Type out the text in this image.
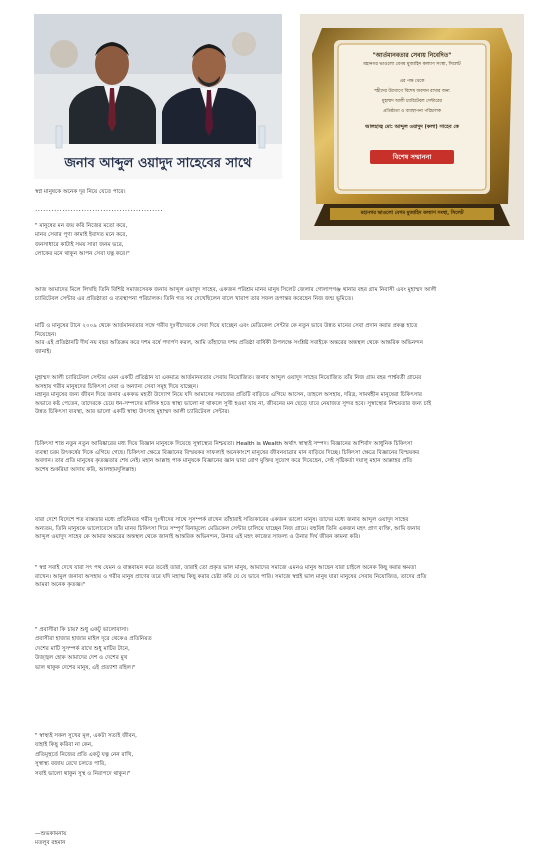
জনাব আব্দুল ওয়াদুদ সাহেবের সাথে
"আর্তমানবতার সেবায় নিবেদিত"
মহানগর ভাওলো বেগম মুজাহিদ কল্যাণ সংস্থা, সিলেট
এর পক্ষ থেকে
শহীদের উদ্যোগে বিশেষ অবদান রাখার জন্য
মুহাম্মদ আলী চ্যারিটেবল সেন্টারের
প্রতিষ্ঠাতা ও ব্যবস্থাপনা পরিচালক
আলহাজ্ব মো: আব্দুল ওয়াদুদ (কলা) সাহেব কে
বিশেষ সম্মাননা
মহানগর ভাওলো বেগম মুজাহিদ কল্যাণ সংস্থা, সিলেট
স্বপ্ন মানুষকে অনেক দূর নিয়ে যেতে পারে।
...............................................
" মানুষের মন জয় করি নিজের মতো করে,
মানব সেবার পুণ্য কামাই ইবাদত মনে করে,
জনসাধারে কাটাই সময় সারা জনম ভরে,
লোকের মনে থাকুন আপন সেবা যত্ন করে।"
আজ আমাদের মিলে লিখছি তিনি বিশিষ্ট সমাজসেবক জনাব আব্দুল ওয়াদুদ সাহেব, একজন পরিশ্রম মানব মানুষ সিলেট জেলার গোলাপগঞ্জ থানার বহর গ্রাম নিবাসী এবং মুহাম্মদ আলী
চ্যারিটেবল সেন্টার এর প্রতিষ্ঠাতা ও ব্যবস্থাপনা পরিচালক। তিনি গত সব দেখেছিলেন বালে খারাপ তার সফল রূপান্তর করেছেন নিজ জন্ম ভূমিতে।
মাটি ও মানুষের টানে ২০০৯ থেকে আর্তমানবতার সঙ্গে গরীব দুঃখীদেরকে সেবা দিয়ে যাচ্ছেন এবং মেডিকেল সেন্টার কে নতুন ভাবে উন্নত মানের সেবা প্রদান করার প্রকল্প হাতে
নিয়েছেন।
আর এই প্রতিষ্ঠানটি দীর্ঘ নয় বছর অতিক্রম করে দশম বর্ষে পদার্পণ করল, আমি তাঁহাদের দশম প্রতিষ্ঠা বার্ষিকী উপলক্ষে সংশ্লিষ্ট সবাইকে অন্তরের অন্তস্থল থেকে আন্তরিক অভিনন্দন
জানাই।
মুহাম্মদ আলী চ্যারিটেবল সেন্টার এমন একটি প্রতিষ্ঠান যা একমাত্র আর্তমানবতার সেবায় নিয়োজিত। জনাব আব্দুল ওয়াদুদ সাহেব নিয়োজিত তাঁর নিজ গ্রাম বহর পার্শ্ববর্তী গ্রামের
অসহায় গরীব মানুষদের চিকিৎসা সেবা ও অন্যান্য সেবা সমূহ দিয়ে যাচ্ছেন।
মহানুর মানুষের জন্য জীবন দিয়ে জনাব এককভ মহতী উদ্যোগ নিয়ে যদি আমাদের সমাজের প্রতিটি বাড়িতে এগিয়ে আসেন, তাহলে অসহায়, দরিদ্র, সামর্থহীন মানুষেরা চিকিৎসার
অভাবে কষ্ট পেতেন, তাদেরকে চেয়ে ধন-সম্পদের মালিক হতে স্বাস্থ্য ভালো না থাকলে সুখী হওয়া যায় না, জীবনের মন ছেড়ে যাবে নেয়াজত সুন্দর হবে। সুস্বাস্থ্যের নিশ্চয়তার জন্য চাই
উন্নত চিকিৎসা ব্যবস্থা, আর ভালো একটি স্বাস্থ্য উৎসাহ মুহাম্মদ আলী চ্যারিটেবল সেন্টার।
চিকিৎসা শাস্ত্র নতুন নতুন আবিষ্কারের মধ্য দিয়ে বিজ্ঞান মানুষকে দিয়েছে সুস্বাস্থ্যের নিশ্চয়তা। Health is Wealth অর্থাৎ স্বাস্থ্যই সম্পদ। বিজ্ঞানের আশির্বাদ আধুনিক চিকিৎসা
ব্যবস্থা চরম উৎকর্ষের দিকে এগিয়ে গেছে। চিকিৎসা ক্ষেত্রে বিজ্ঞানের বিস্ময়কর সাফল্যই অনেকাংশে মানুষের জীবনযাত্রার মান বাড়িয়ে দিচ্ছে। চিকিৎসা ক্ষেত্রে বিজ্ঞানের বিস্ময়কর
অবদান। তার প্রতি মানুষের কৃতজ্ঞতার শেষ নেই। মহান আল্লাহ পাক মানুষকে বিজ্ঞানের জ্ঞান দ্বারা রোগ মুক্তির সুযোগ করে দিয়েছেন, সেই সৃষ্টিকর্তা দয়ালু মহান আল্লাহর প্রতি
অশেষ শুকরিয়া আদায় করি, আলহামদুলিল্লাহ।
যারা দেশে বিদেশে শত ব্যস্ততার মধ্যে প্রতিনিয়ত গরীব দুঃখীদের সাথে সুসম্পর্ক রাখেন তাঁহারাই সত্যিকারের একজন ভালো মানুষ। তাদের মধ্যে জনাব আব্দুল ওয়াদুদ সাহেব
অন্যতম, তিনি মানুষকে ভালোবেসে তাঁর মানব চিকিৎসা দিয়ে সম্পূর্ণ বিনামূল্যে মেডিকেল সেন্টার চালিয়ে যাচ্ছেন নিজ গ্রামে। বহুবিধ তিনি একজন মহৎ প্রাণ ব্যক্তি, আমি জনাব
আব্দুল ওয়াদুদ সাহেব কে আমার অন্তরের অন্তস্থল থেকে জানাই আন্তরিক অভিনন্দন, উনার এই মহৎ কাজের সাফল্য ও উনার দির্ঘ জীবন কামনা করি।
" স্বপ্ন সবাই দেখে যারা সৎ পথ যেমন ও বাস্তবায়ন করে তবেই তারা, তারাই তো প্রকৃত ভাল মানুষ, আমাদের সমাজে এমনও মানুষ আছেন যারা চাইলে অনেক কিছু করার ক্ষমতা
রাখেন। আমুল জনাবা অসহায় ও গরীব মানুষ প্রাণের তরে যদি মহাত্ম কিছু করার চেষ্টা করি যে যে ভাবে পারি। সমাজে স্বপ্নই ভাল মানুষ যারা মানুষের সেবায় নিয়োজিত, তাদের প্রতি
আমরা অনেক কৃতজ্ঞ।"
" প্রবাসীরা কি চায়? শুধু একটু ভালোবাসা।
প্রবাসীরা হাজার হাজার মাইল দূরে থেকেও প্রতিনিয়ত
দেশের মাটি সুসম্পর্ক রাখে শুধু মাটির টানে,
উজ্জ্বল হোক আমাদের দেশ ও দেশের মুখ
ভাল থাকুক দেশের মানুষ, এই প্রত্যাশা রহিল।"
" স্বাস্থ্যই সকল সুখের মূল, একটা সত্যই জীবন,
যাহাই কিছু করিবা না কেন,
প্রতিমূহুর্তে নিজের প্রতি একটু যত্ন নেন রাখি,
সুস্বাস্থ্য বজায় রেখে চলতে পারি,
সবাই ভালো থাকুন সুস্থ ও নিরাপদে থাকুন।"
—শুভকামনায়
মতলুব রহমান
